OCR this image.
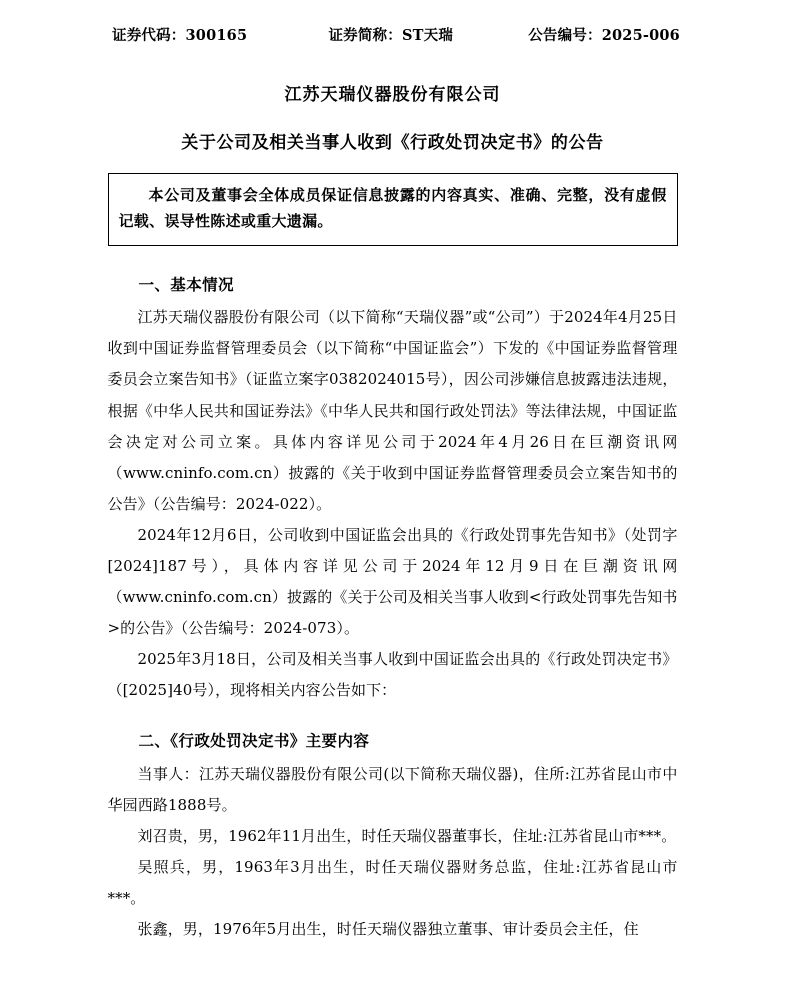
证券代码：300165	证券简称：ST天瑞	公告编号：2025-006
江苏天瑞仪器股份有限公司
关于公司及相关当事人收到《行政处罚决定书》的公告
本公司及董事会全体成员保证信息披露的内容真实、准确、完整，没有虚假记载、误导性陈述或重大遗漏。
一、基本情况

江苏天瑞仪器股份有限公司（以下简称“天瑞仪器”或“公司”）于2024年4月25日收到中国证券监督管理委员会（以下简称“中国证监会”）下发的《中国证券监督管理委员会立案告知书》（证监立案字0382024015号），因公司涉嫌信息披露违法违规，根据《中华人民共和国证券法》《中华人民共和国行政处罚法》等法律法规，中国证监会决定对公司立案。具体内容详见公司于2024年4月26日在巨潮资讯网（www.cninfo.com.cn）披露的《关于收到中国证券监督管理委员会立案告知书的公告》（公告编号：2024-022）。

2024年12月6日，公司收到中国证监会出具的《行政处罚事先告知书》（处罚字[2024]187号），具体内容详见公司于2024年12月9日在巨潮资讯网（www.cninfo.com.cn）披露的《关于公司及相关当事人收到<行政处罚事先告知书>的公告》（公告编号：2024-073）。

2025年3月18日，公司及相关当事人收到中国证监会出具的《行政处罚决定书》（[2025]40号），现将相关内容公告如下：

二、《行政处罚决定书》主要内容

当事人：江苏天瑞仪器股份有限公司(以下简称天瑞仪器)，住所:江苏省昆山市中华园西路1888号。

刘召贵，男，1962年11月出生，时任天瑞仪器董事长，住址:江苏省昆山市***。

吴照兵，男，1963年3月出生，时任天瑞仪器财务总监，住址:江苏省昆山市***。

张鑫，男，1976年5月出生，时任天瑞仪器独立董事、审计委员会主任，住
